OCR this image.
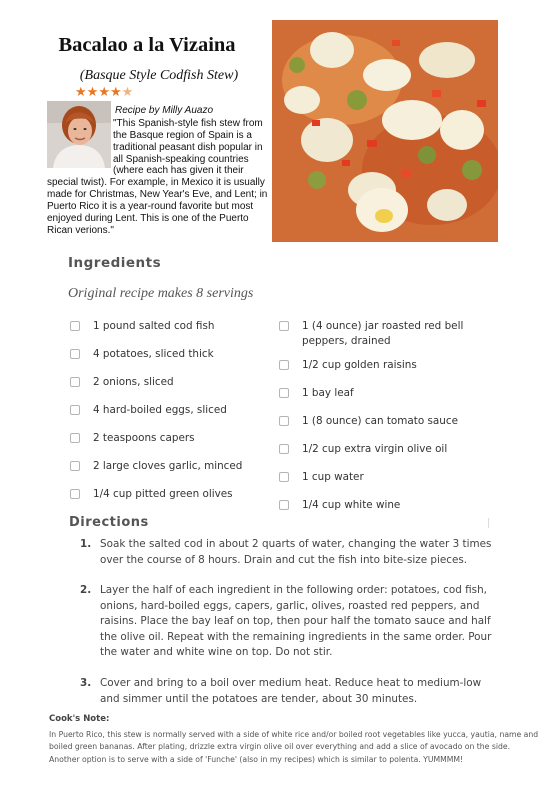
Bacalao a la Vizaina
(Basque Style Codfish Stew)
★★★★★
Recipe by Milly Auazo

"This Spanish-style fish stew from the Basque region of Spain is a traditional peasant dish popular in all Spanish-speaking countries (where each has given it their special twist). For example, in Mexico it is usually made for Christmas, New Year's Eve, and Lent; in Puerto Rico it is a year-round favorite but most enjoyed during Lent. This is one of the Puerto Rican verions."

Ingredients
Original recipe makes 8 servings
1 pound salted cod fish
4 potatoes, sliced thick
2 onions, sliced
4 hard-boiled eggs, sliced
2 teaspoons capers
2 large cloves garlic, minced
1/4 cup pitted green olives
1 (4 ounce) jar roasted red bell peppers, drained
1/2 cup golden raisins
1 bay leaf
1 (8 ounce) can tomato sauce
1/2 cup extra virgin olive oil
1 cup water
1/4 cup white wine
Directions
1. Soak the salted cod in about 2 quarts of water, changing the water 3 times over the course of 8 hours. Drain and cut the fish into bite-size pieces.
2. Layer the half of each ingredient in the following order: potatoes, cod fish, onions, hard-boiled eggs, capers, garlic, olives, roasted red peppers, and raisins. Place the bay leaf on top, then pour half the tomato sauce and half the olive oil. Repeat with the remaining ingredients in the same order. Pour the water and white wine on top. Do not stir.
3. Cover and bring to a boil over medium heat. Reduce heat to medium-low and simmer until the potatoes are tender, about 30 minutes.
Cook's Note:
In Puerto Rico, this stew is normally served with a side of white rice and/or boiled root vegetables like yucca, yautia, name and boiled green bananas. After plating, drizzle extra virgin olive oil over everything and add a slice of avocado on the side. Another option is to serve with a side of 'Funche' (also in my recipes) which is similar to polenta. YUMMMM!
